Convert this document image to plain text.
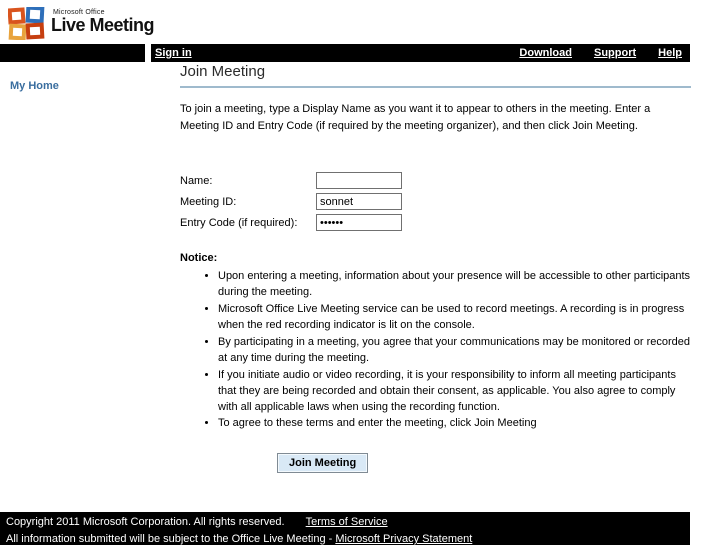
Microsoft Office
Live Meeting
Sign in	Download Support Help
My Home
Join Meeting

To join a meeting, type a Display Name as you want it to appear to others in the meeting. Enter a Meeting ID and Entry Code (if required by the meeting organizer), and then click Join Meeting.

Name:
Meeting ID:
sonnet
Entry Code (if required):
••••••
Notice:
• Upon entering a meeting, information about your presence will be accessible to other participants during the meeting.
• Microsoft Office Live Meeting service can be used to record meetings. A recording is in progress when the red recording indicator is lit on the console.
• By participating in a meeting, you agree that your communications may be monitored or recorded at any time during the meeting.
• If you initiate audio or video recording, it is your responsibility to inform all meeting participants that they are being recorded and obtain their consent, as applicable. You also agree to comply with all applicable laws when using the recording function.
• To agree to these terms and enter the meeting, click Join Meeting
Join Meeting
Copyright 2011 Microsoft Corporation. All rights reserved. Terms of Service
All information submitted will be subject to the Office Live Meeting - Microsoft Privacy Statement
